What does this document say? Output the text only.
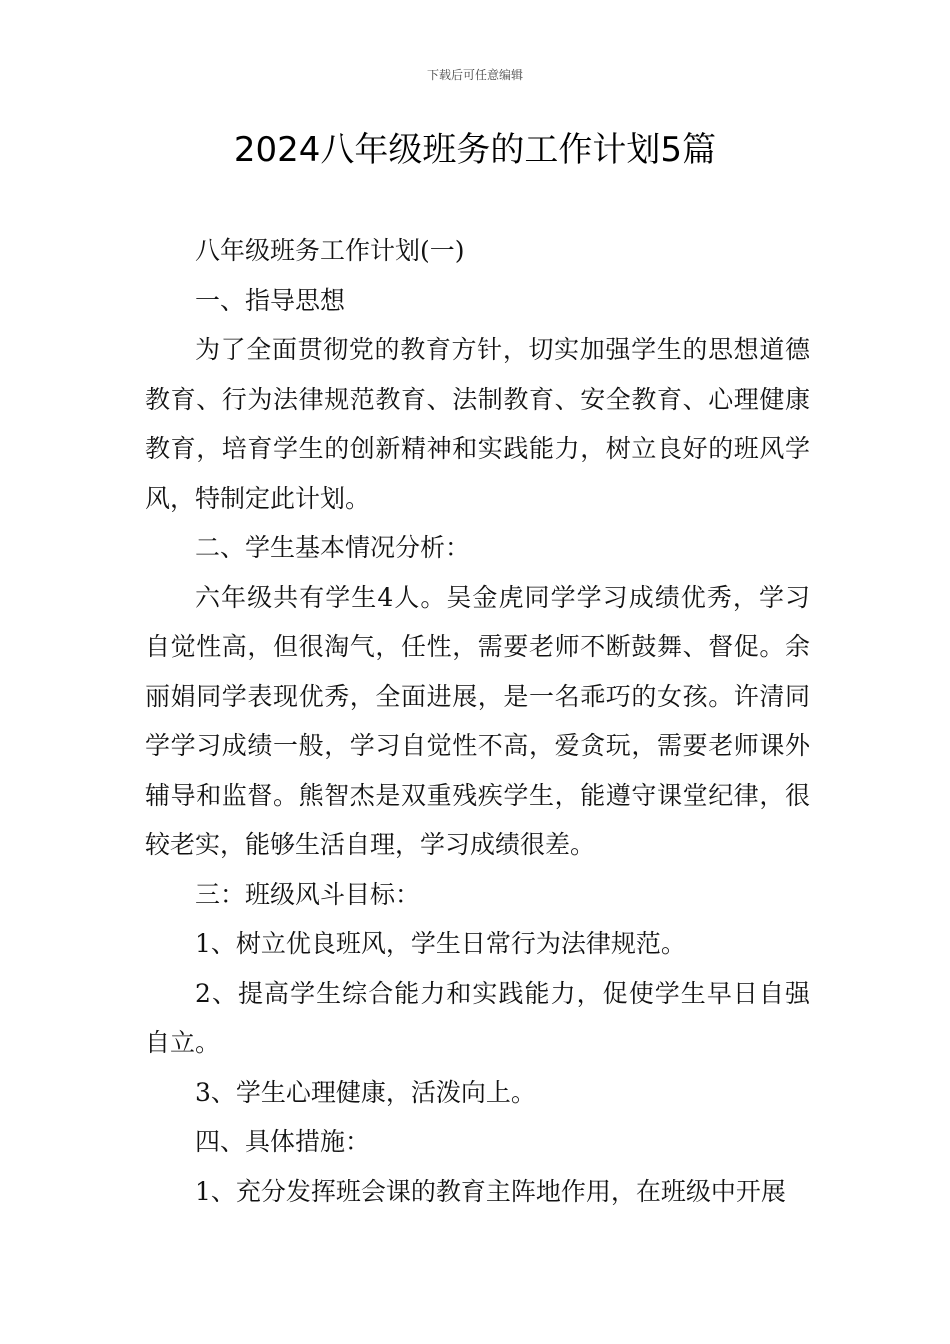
下载后可任意编辑
2024八年级班务的工作计划5篇

八年级班务工作计划(一)

一、指导思想

为了全面贯彻党的教育方针，切实加强学生的思想道德教育、行为法律规范教育、法制教育、安全教育、心理健康教育，培育学生的创新精神和实践能力，树立良好的班风学风，特制定此计划。

二、学生基本情况分析：

六年级共有学生4人。吴金虎同学学习成绩优秀，学习自觉性高，但很淘气，任性，需要老师不断鼓舞、督促。余丽娟同学表现优秀，全面进展，是一名乖巧的女孩。许清同学学习成绩一般，学习自觉性不高，爱贪玩，需要老师课外辅导和监督。熊智杰是双重残疾学生，能遵守课堂纪律，很较老实，能够生活自理，学习成绩很差。

三：班级风斗目标：

1、树立优良班风，学生日常行为法律规范。

2、提高学生综合能力和实践能力，促使学生早日自强自立。

3、学生心理健康，活泼向上。

四、具体措施：

1、充分发挥班会课的教育主阵地作用，在班级中开展
